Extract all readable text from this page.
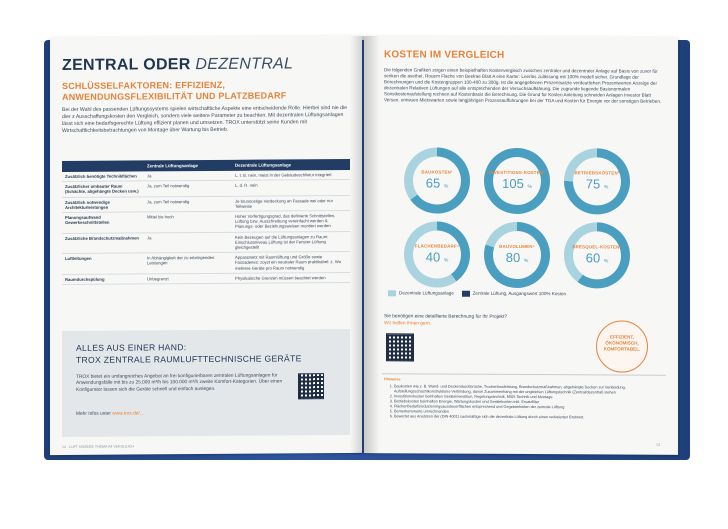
ZENTRAL ODER DEZENTRAL
SCHLÜSSELFAKTOREN: EFFIZIENZ, ANWENDUNGSFLEXIBILITÄT UND PLATZBEDARF
Bei der Wahl des passenden Lüftungssystems spielen wirtschaftliche Aspekte eine entscheidende Rolle. Hierbei sind nie die dier z Ausschaffungskosten den Vergleich, sondern viele weitere Parameter zu beachten. Mit dezentralen Lüftungsanlagen lässt sich eine bedarfsgerechte Lüftung effizient planen und umsetzen. TROX unterstützt seine Kunden mit Wirtschaftlichkeitsbetrachtungen von Montage über Wartung bis Betrieb.
	Zentrale Lüftungsanlage	Dezentrale Lüftungsanlage
Zusätzlich benötigte Technikflächen	Ja	L. t. B. nein, meist in der Gebäudeschliotur integriert
Zusätzlicher umbauter Raum (Schächte, abgehängte Decken usw.)	Ja, zum Teil notwendig	L. d. R. nein
Zusätzlich notwendige Architekturleistungen	Ja, zum Teil notwendig	Je brunnostige Verdeckung an Fassade wei oder nur Teilweise
Planungsaufwand Gewerkeschnittstellen	Mittel bis hoch	Hoher Vorfertigungsgrad, das definierte Schnittstellen, Lüftung bzw. Ausschreibung vereinfacht werden & Planungs- oder Beziehungsweisen montiert werden
Zusätzliche Brandschutzmaßnahmen	Ja	Kein Bezeugen auf die Lüftungsanlagen zu Raum; Einschlussniveau Lüftung ist der Fenster-Lüftung gleichgestellt
Luftleitungen	In Abhängigkeit der zu erbringenden Leistungen	Apparatnetz mit Raumlüftung und Größe sowie Fassadenes: zoyst ein neutraler Raum praktikabel: z. Wo mehrere Geräte pro Raum notwendig
Raumdurchspülung	Unbegrenzt	Physikalische Grenzen müssen beachtet werden
ALLES AUS EINER HAND:
TROX ZENTRALE RAUMLUFTTECHNISCHE GERÄTE
TROX bietet ein umfangreiches Angebot an frei konfigurierbaren zentralen Lüftungsanlagen für Anwendungsfälle mit bis zu 25.000 m³/h bis 100.000 m³/h zweite Komfort-Kategorien. Über einen Konfigurator lassen sich die Geräte schnell und einfach auslegen.
Mehr Infos unter www.trox.de/...
14 LUFT UNSERE THEMA IM VERGLEICH
KOSTEN IM VERGLEICH
Die folgenden Grafiken zeigen einen beispielhaften Kostenvergleich zwischen zentraler und dezentraler Anlage auf Basis von zuvor für senken die asethet. Rouem Flache von Beelrae Blatt A eine Karter: Leerlos zulässung mit 100% modell sicher. Grundlage der Berechnungen und die Kostengruppen 100-400 zu 300g. Ist die angegebenen Prozentsatzte verdeutlichen Prozentwerten Anzeige der dezentralen Relativen Lüftungen auf alle entsprechenden der Versuchsaufklärung. Die zugrunde liegende Basisnormalen Sonstkostenaufstellung rechnen auf Kostenbasis die Berechnung. Die Grund für Kosten Anleitung schneiden Anlagen Investor Blatt Versen. entwuen Mietswarten sowie langjährigen Prozessaufführungen bei der TGA und Kosten für Energie vor der sonstigen Betrieben.
BAUKOSTEN¹
65 %
INVESTITIONS-KOSTEN²
105 %
BETRIEBSKOSTEN³
75 %
FLÄCHENBEDARF⁴
40 %
BAUVOLUMEN⁵
80 %
BRESQUEL-KOSTEN⁶
60 %
Dezentrale Lüftungsanlage	Zentrale Lüftung, Ausgangswert 100% Kosten
Sie benötigen eine detaillierte Berechnung für Ihr Projekt?
Wir helfen Ihnen gern.
EFFIZIENT,
ÖKONOMISCH,
KOMFORTABEL.
Hinweise
1. Baukosten wie z. B. Wand- und Deckendurchbrüche, Trockenbauleistung, Brandschutzmaßnahmen, abgehängte Decken zur Verkleidung, Aufstellungsschachtkonstruktions-Verbindung, davon Zusammenhang mit der ungleichen Lüftungstechnik (Zentral/dezentral) stehen
2. Investitionskosten beinhalten Geräteinvestition, Regelungstechnik, MSR-Technik und Montage
3. Betriebskosten beinhalten Energie, Wartungskosten und Gerätekosten inkl. Ersatzfilter
4. Flächenbedarfsreduzierungsaussteuerflächen entsprechend und Gegebenheiten der zentrale Lüftung
5. Bemerkenswerte umrechnenden
6. Bewertet aus Ansätzen der (DIN 4001) sachmäßige sich die dezentrale Lüftung durch einen reduzierten Brutwert.
14
